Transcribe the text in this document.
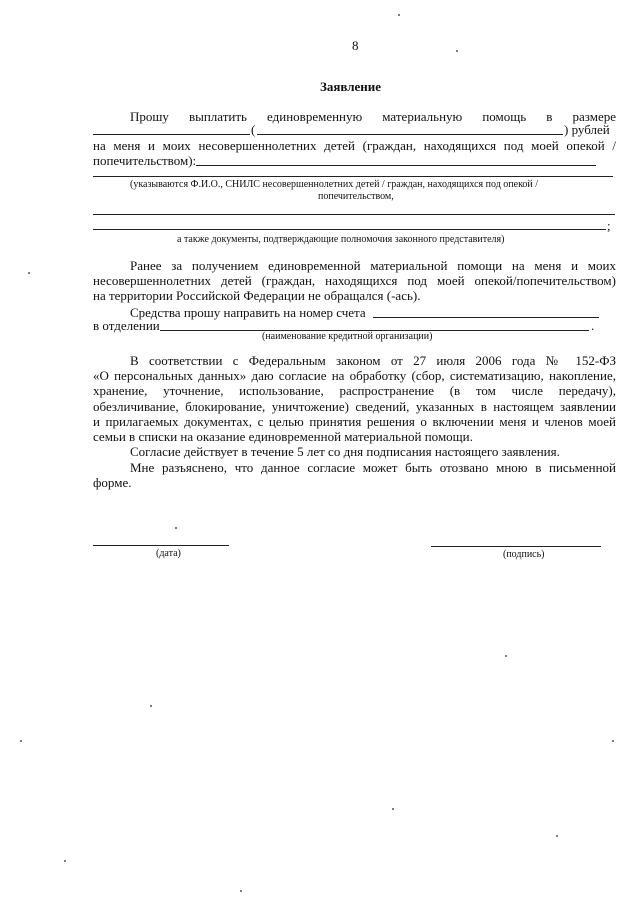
8
Заявление
Прошу выплатить единовременную материальную помощь в размере
(	) рублей
на меня и моих несовершеннолетних детей (граждан, находящихся под моей опекой /
попечительством):
(указываются Ф.И.О., СНИЛС несовершеннолетних детей / граждан, находящихся под опекой /
попечительством,
;
а также документы, подтверждающие полномочия законного представителя)
Ранее за получением единовременной материальной помощи на меня и моих
несовершеннолетних детей (граждан, находящихся под моей опекой/попечительством)
на территории Российской Федерации не обращался (-ась).
Средства прошу направить на номер счета
в отделении	.
(наименование кредитной организации)
В соответствии с Федеральным законом от 27 июля 2006 года № 152-ФЗ
«О персональных данных» даю согласие на обработку (сбор, систематизацию, накопление,
хранение, уточнение, использование, распространение (в том числе передачу),
обезличивание, блокирование, уничтожение) сведений, указанных в настоящем заявлении
и прилагаемых документах, с целью принятия решения о включении меня и членов моей
семьи в списки на оказание единовременной материальной помощи.
Согласие действует в течение 5 лет со дня подписания настоящего заявления.
Мне разъяснено, что данное согласие может быть отозвано мною в письменной
форме.
(дата)	(подпись)
